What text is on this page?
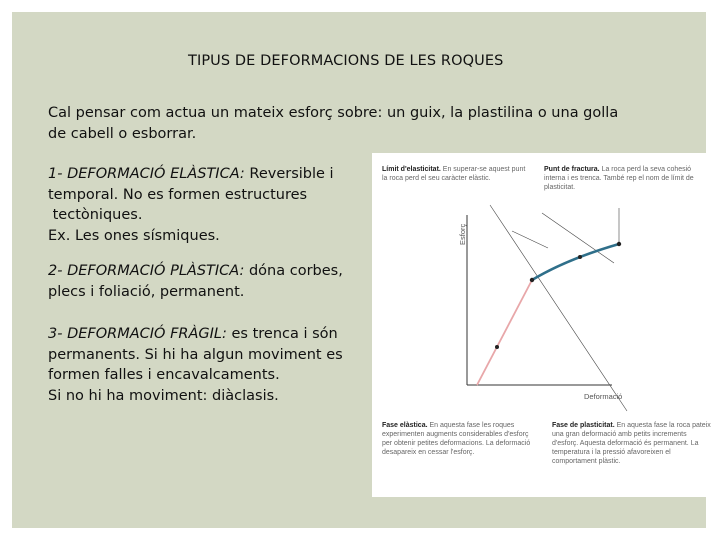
TIPUS DE DEFORMACIONS DE LES ROQUES
Cal pensar com actua un mateix esforç sobre: un guix, la plastilina o una golla
de cabell o esborrar.
1- DEFORMACIÓ ELÀSTICA: Reversible i
temporal. No es formen estructures
tectòniques.
Ex. Les ones sísmiques.
2- DEFORMACIÓ PLÀSTICA: dóna corbes,
plecs i foliació, permanent.
3- DEFORMACIÓ FRÀGIL: es trenca i són
permanents. Si hi ha algun moviment es
formen falles i encavalcaments.
Si no hi ha moviment: diàclasis.
Límit d'elasticitat. En superar-se aquest punt la roca perd el seu caràcter elàstic.
Punt de fractura. La roca perd la seva cohesió interna i es trenca. També rep el nom de límit de plasticitat.
Fase elàstica. En aquesta fase les roques experimenten augments considerables d'esforç per obtenir petites deformacions. La deformació desapareix en cessar l'esforç.
Fase de plasticitat. En aquesta fase la roca pateix una gran deformació amb petits increments d'esforç. Aquesta deformació és permanent. La temperatura i la pressió afavoreixen el comportament plàstic.
Esforç
Deformació
